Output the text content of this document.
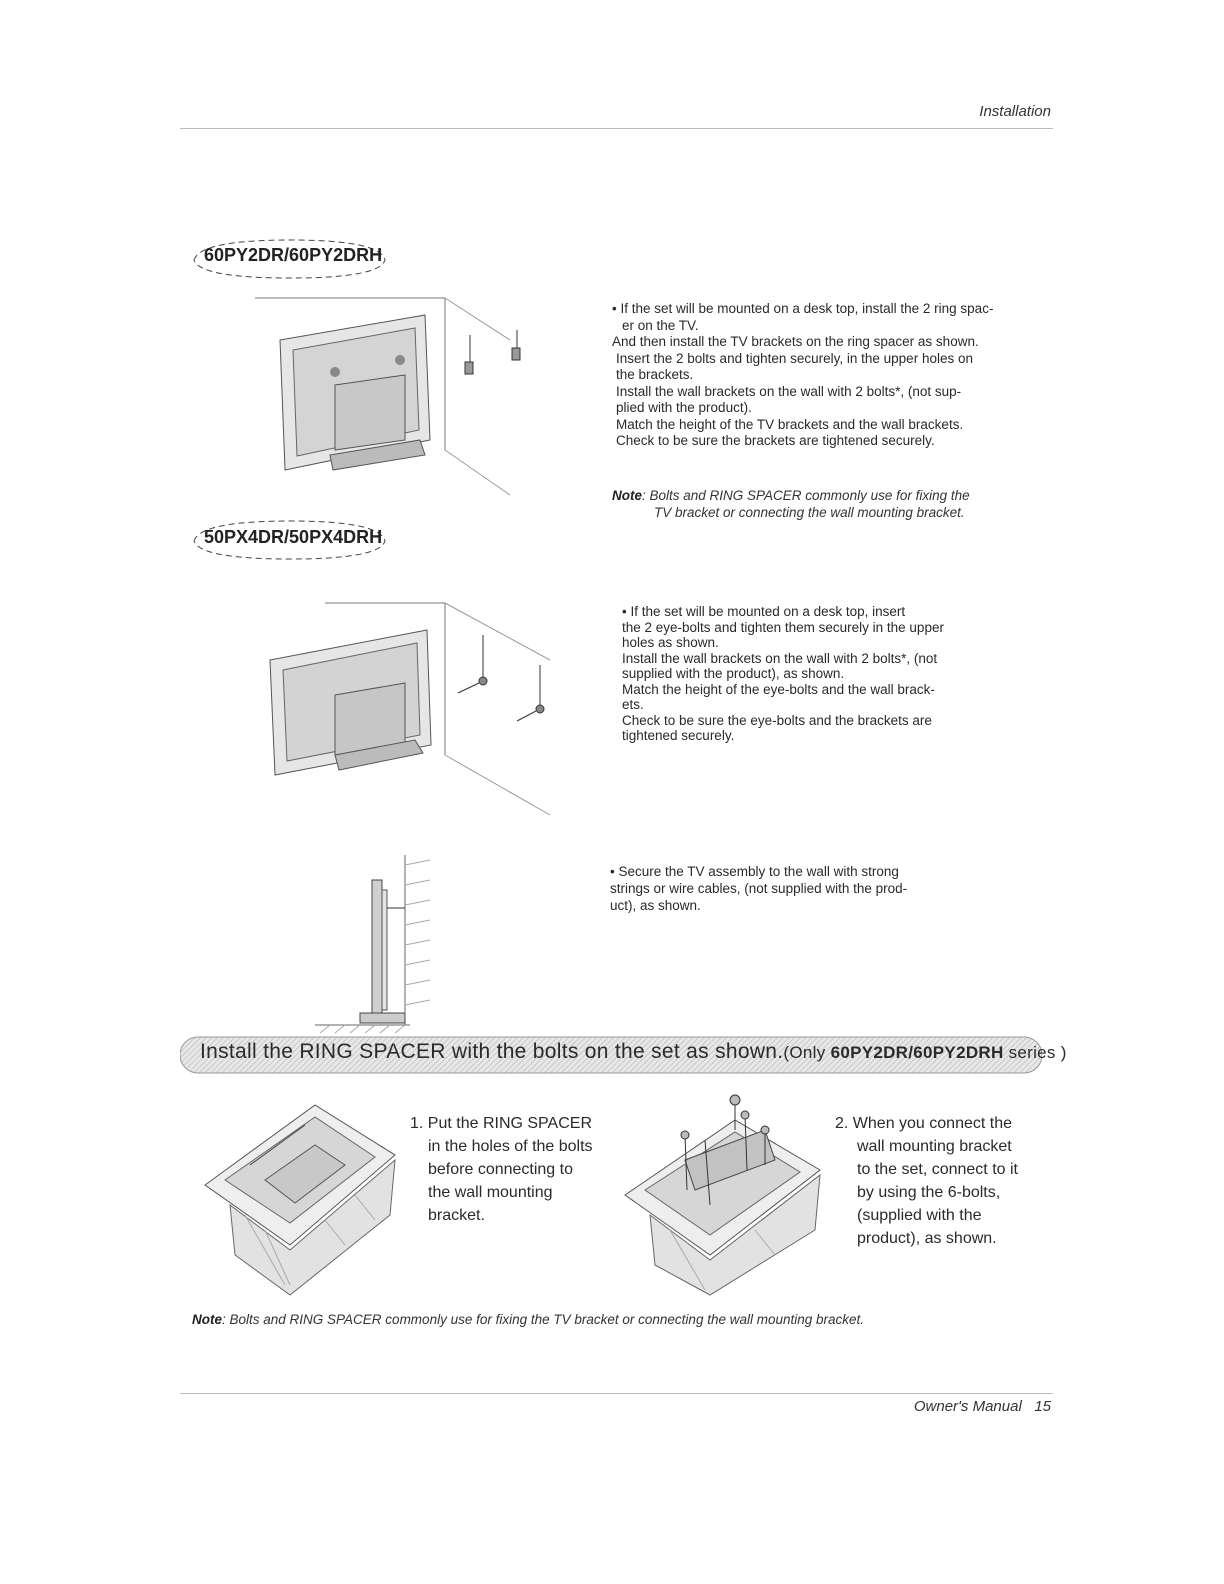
Installation
60PY2DR/60PY2DRH

• If the set will be mounted on a desk top, install the 2 ring spac-

er on the TV.

And then install the TV brackets on the ring spacer as shown.

Insert the 2 bolts and tighten securely, in the upper holes on

the brackets.

Install the wall brackets on the wall with 2 bolts*, (not sup-

plied with the product).

Match the height of the TV brackets and the wall brackets.

Check to be sure the brackets are tightened securely.

Note: Bolts and RING SPACER commonly use for fixing the
TV bracket or connecting the wall mounting bracket.
50PX4DR/50PX4DRH

• If the set will be mounted on a desk top, insert

the 2 eye-bolts and tighten them securely in the upper

holes as shown.

Install the wall brackets on the wall with 2 bolts*, (not

supplied with the product), as shown.

Match the height of the eye-bolts and the wall brack-

ets.

Check to be sure the eye-bolts and the brackets are

tightened securely.

• Secure the TV assembly to the wall with strong

strings or wire cables, (not supplied with the prod-

uct), as shown.

Install the RING SPACER with the bolts on the set as shown.(Only 60PY2DR/60PY2DRH series )
1. Put the RING SPACER
in the holes of the bolts
before connecting to
the wall mounting
bracket.
2. When you connect the
wall mounting bracket
to the set, connect to it
by using the 6-bolts,
(supplied with the
product), as shown.
Note: Bolts and RING SPACER commonly use for fixing the TV bracket or connecting the wall mounting bracket.
Owner's Manual 15
